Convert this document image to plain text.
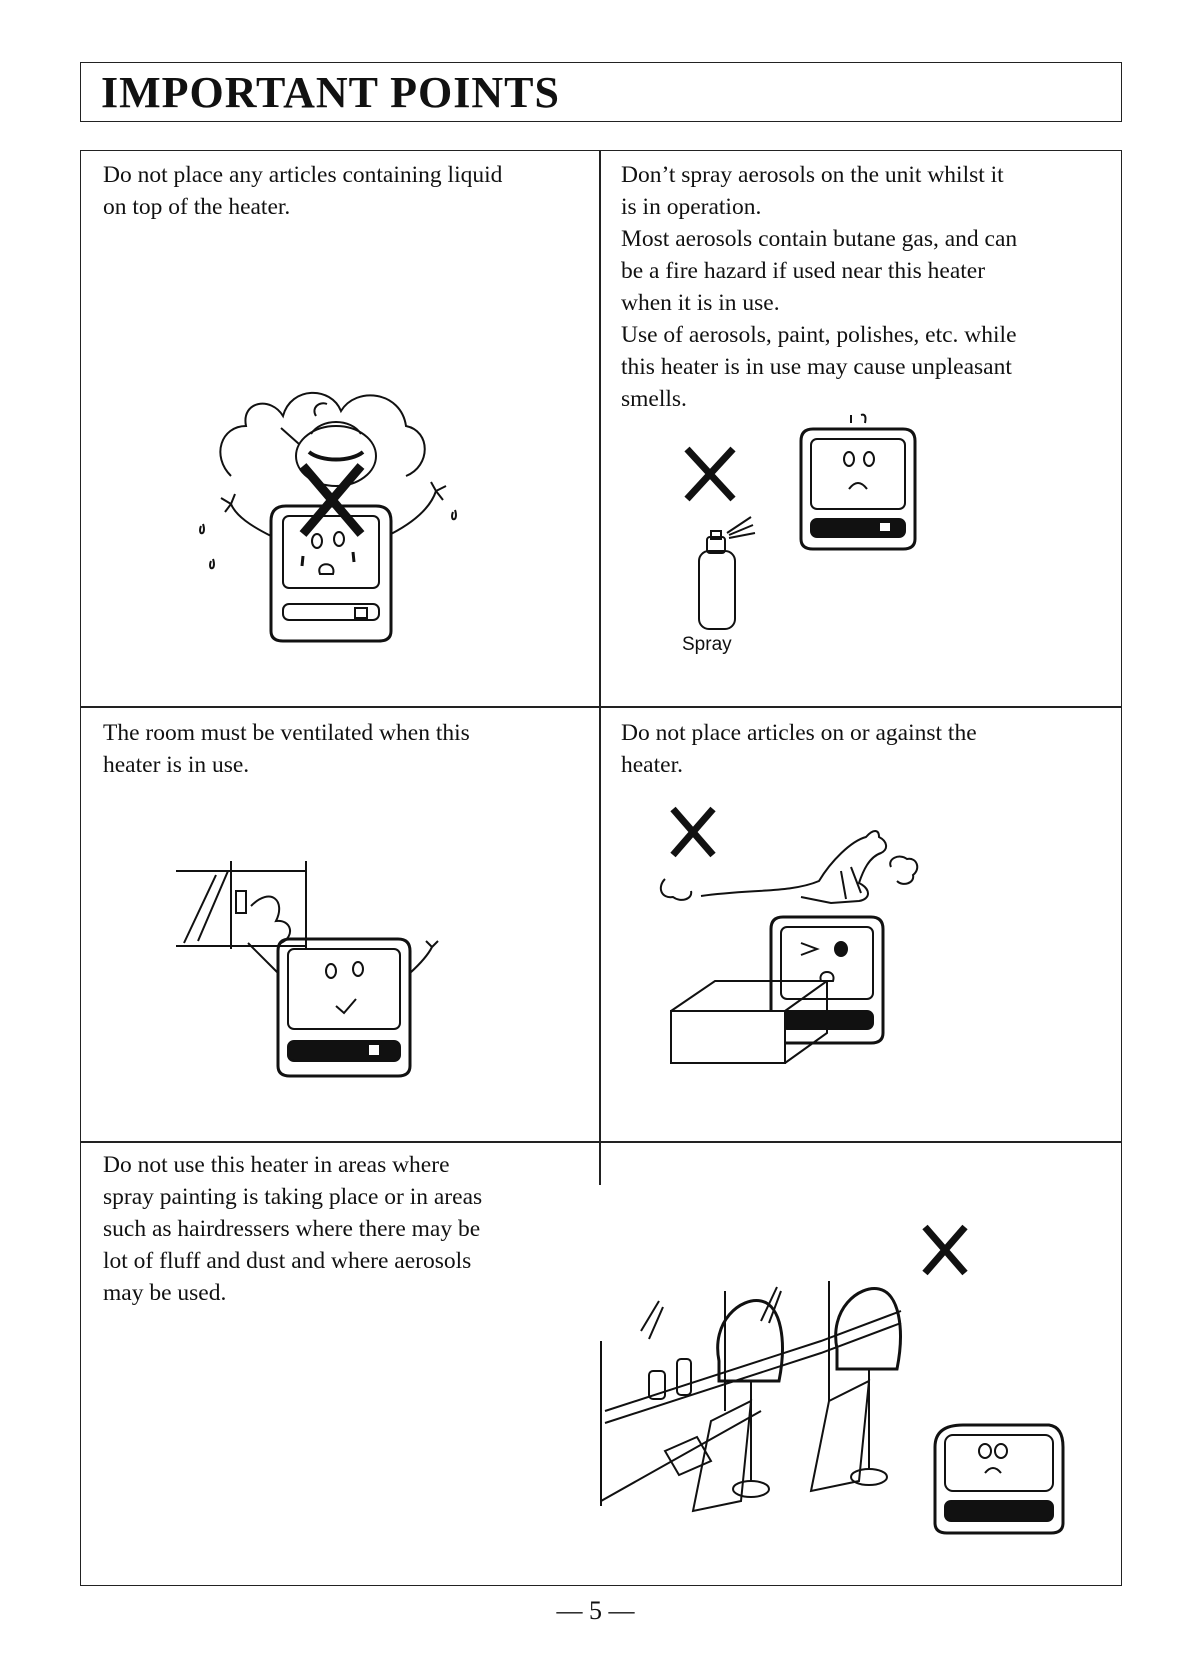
IMPORTANT POINTS

Do not place any articles containing liquid
on top of the heater.

Don’t spray aerosols on the unit whilst it
is in operation.
Most aerosols contain butane gas, and can
be a fire hazard if used near this heater
when it is in use.
Use of aerosols, paint, polishes, etc. while
this heater is in use may cause unpleasant
smells.

Spray

The room must be ventilated when this
heater is in use.

Do not place articles on or against the
heater.

Do not use this heater in areas where
spray painting is taking place or in areas
such as hairdressers where there may be
lot of fluff and dust and where aerosols
may be used.

— 5 —
